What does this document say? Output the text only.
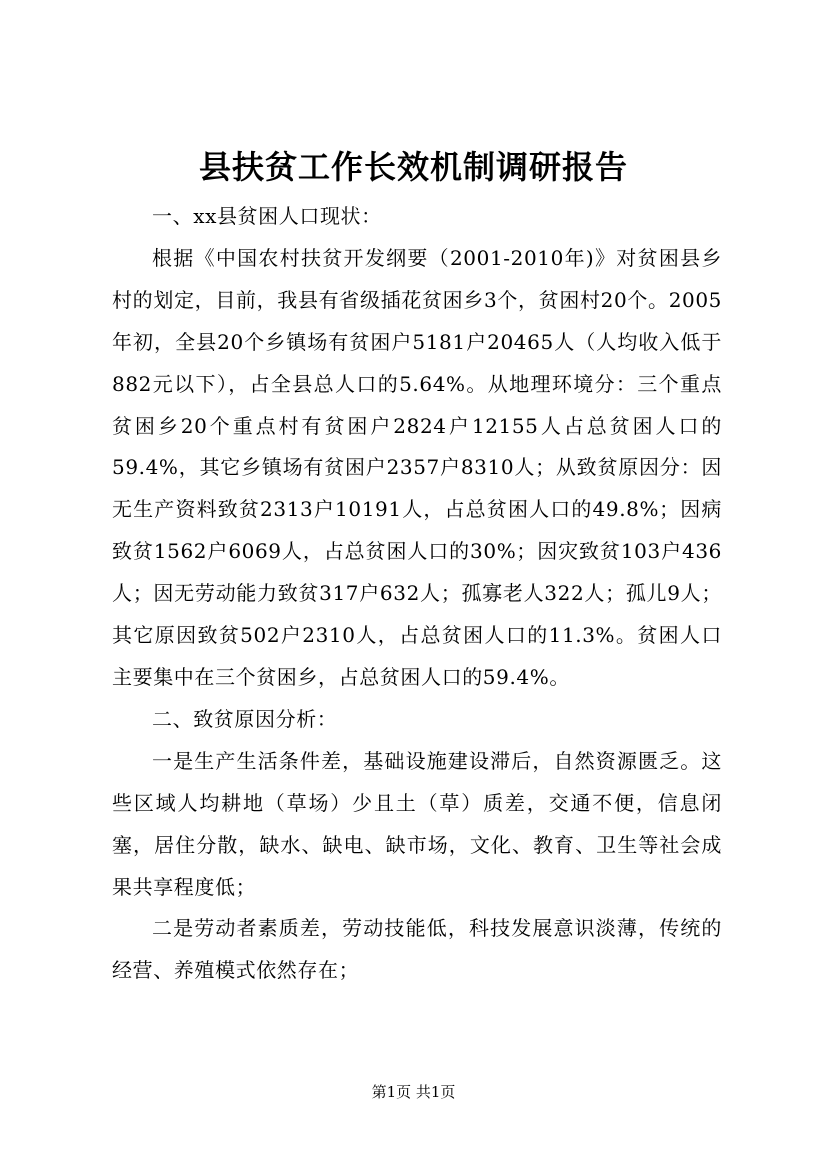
县扶贫工作长效机制调研报告

一、xx县贫困人口现状：

根据《中国农村扶贫开发纲要（2001-2010年)》对贫困县乡村的划定，目前，我县有省级插花贫困乡3个，贫困村20个。2005年初，全县20个乡镇场有贫困户5181户20465人（人均收入低于882元以下），占全县总人口的5.64%。从地理环境分：三个重点贫困乡20个重点村有贫困户2824户12155人占总贫困人口的59.4%，其它乡镇场有贫困户2357户8310人；从致贫原因分：因无生产资料致贫2313户10191人，占总贫困人口的49.8%；因病致贫1562户6069人，占总贫困人口的30%；因灾致贫103户436人；因无劳动能力致贫317户632人；孤寡老人322人；孤儿9人；其它原因致贫502户2310人，占总贫困人口的11.3%。贫困人口主要集中在三个贫困乡，占总贫困人口的59.4%。

二、致贫原因分析：

一是生产生活条件差，基础设施建设滞后，自然资源匮乏。这些区域人均耕地（草场）少且土（草）质差，交通不便，信息闭塞，居住分散，缺水、缺电、缺市场，文化、教育、卫生等社会成果共享程度低；

二是劳动者素质差，劳动技能低，科技发展意识淡薄，传统的经营、养殖模式依然存在；

第1页 共1页
